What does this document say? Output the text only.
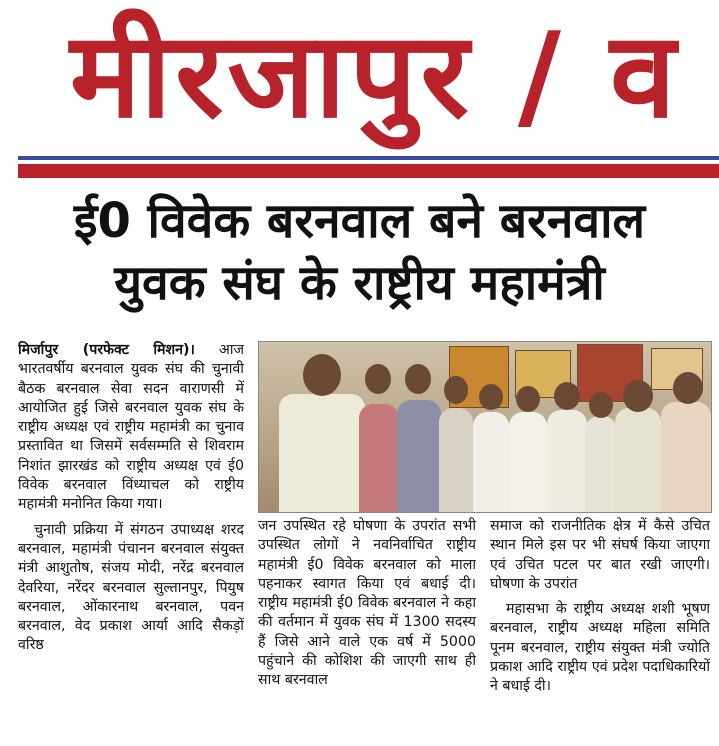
मीरजापुर / व
ई0 विवेक बरनवाल बने बरनवाल
युवक संघ के राष्ट्रीय महामंत्री

मिर्जापुर (परफेक्ट मिशन)। आज भारतवर्षीय बरनवाल युवक संघ की चुनावी बैठक बरनवाल सेवा सदन वाराणसी में आयोजित हुई जिसे बरनवाल युवक संघ के राष्ट्रीय अध्यक्ष एवं राष्ट्रीय महामंत्री का चुनाव प्रस्तावित था जिसमें सर्वसम्मति से शिवराम निशांत झारखंड को राष्ट्रीय अध्यक्ष एवं ई0 विवेक बरनवाल विंध्याचल को राष्ट्रीय महामंत्री मनोनित किया गया।

चुनावी प्रक्रिया में संगठन उपाध्यक्ष शरद बरनवाल, महामंत्री पंचानन बरनवाल संयुक्त मंत्री आशुतोष, संजय मोदी, नरेंद्र बरनवाल देवरिया, नरेंदर बरनवाल सुल्तानपुर, पियुष बरनवाल, ओंकारनाथ बरनवाल, पवन बरनवाल, वेद प्रकाश आर्या आदि सैकड़ों वरिष्ठ

जन उपस्थित रहे घोषणा के उपरांत सभी उपस्थित लोगों ने नवनिर्वाचित राष्ट्रीय महामंत्री ई0 विवेक बरनवाल को माला पहनाकर स्वागत किया एवं बधाई दी। राष्ट्रीय महामंत्री ई0 विवेक बरनवाल ने कहा की वर्तमान में युवक संघ में 1300 सदस्य हैं जिसे आने वाले एक वर्ष में 5000 पहुंचाने की कोशिश की जाएगी साथ ही साथ बरनवाल

समाज को राजनीतिक क्षेत्र में कैसे उचित स्थान मिले इस पर भी संघर्ष किया जाएगा एवं उचित पटल पर बात रखी जाएगी। घोषणा के उपरांत

महासभा के राष्ट्रीय अध्यक्ष शशी भूषण बरनवाल, राष्ट्रीय अध्यक्ष महिला समिति पूनम बरनवाल, राष्ट्रीय संयुक्त मंत्री ज्योति प्रकाश आदि राष्ट्रीय एवं प्रदेश पदाधिकारियों ने बधाई दी।
